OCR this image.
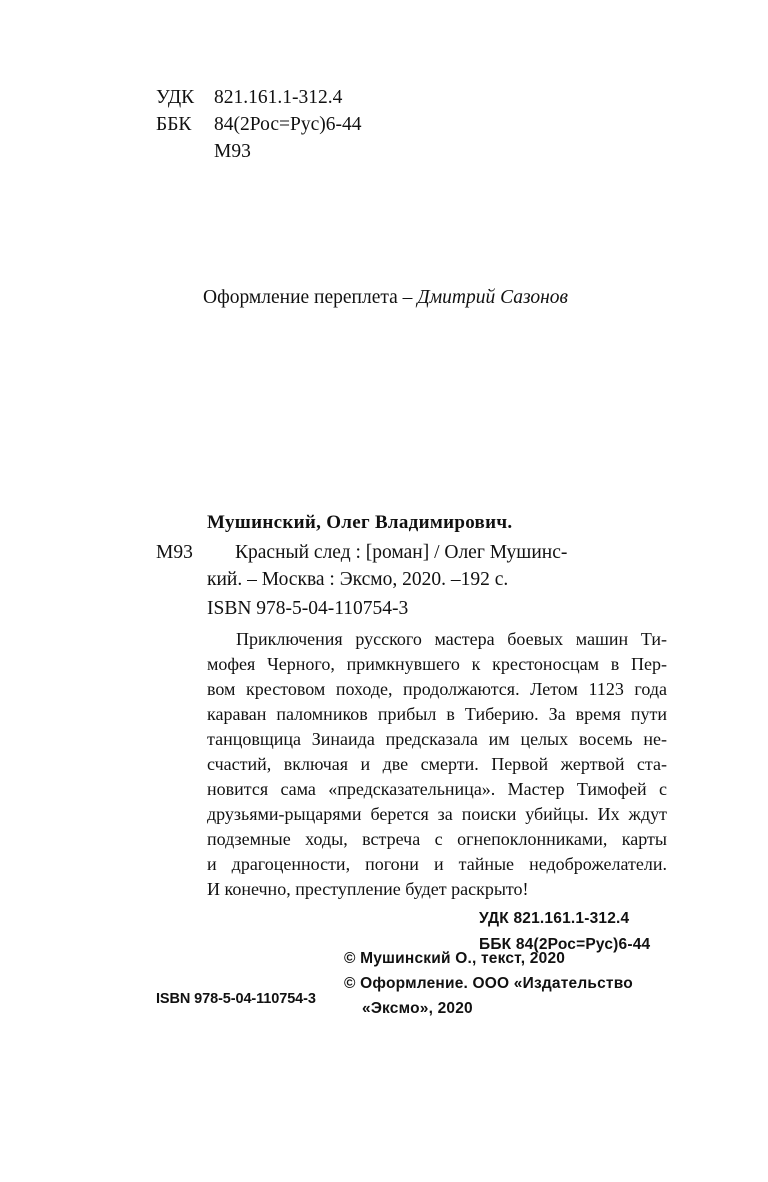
УДК 821.161.1-312.4
ББК 84(2Рос=Рус)6-44
М93
Оформление переплета – Дмитрий Сазонов
Мушинский, Олег Владимирович.
М93 Красный след : [роман] / Олег Мушинс-
кий. – Москва : Эксмо, 2020. –192 с.
ISBN 978-5-04-110754-3
Приключения русского мастера боевых машин Ти-
мофея Черного, примкнувшего к крестоносцам в Пер-
вом крестовом походе, продолжаются. Летом 1123 года
караван паломников прибыл в Тиберию. За время пути
танцовщица Зинаида предсказала им целых восемь не-
счастий, включая и две смерти. Первой жертвой ста-
новится сама «предсказательница». Мастер Тимофей с
друзьями-рыцарями берется за поиски убийцы. Их ждут
подземные ходы, встреча с огнепоклонниками, карты
и драгоценности, погони и тайные недоброжелатели.
И конечно, преступление будет раскрыто!
УДК 821.161.1-312.4
ББК 84(2Рос=Рус)6-44
© Мушинский О., текст, 2020
© Оформление. ООО «Издательство
«Эксмо», 2020
ISBN 978-5-04-110754-3
